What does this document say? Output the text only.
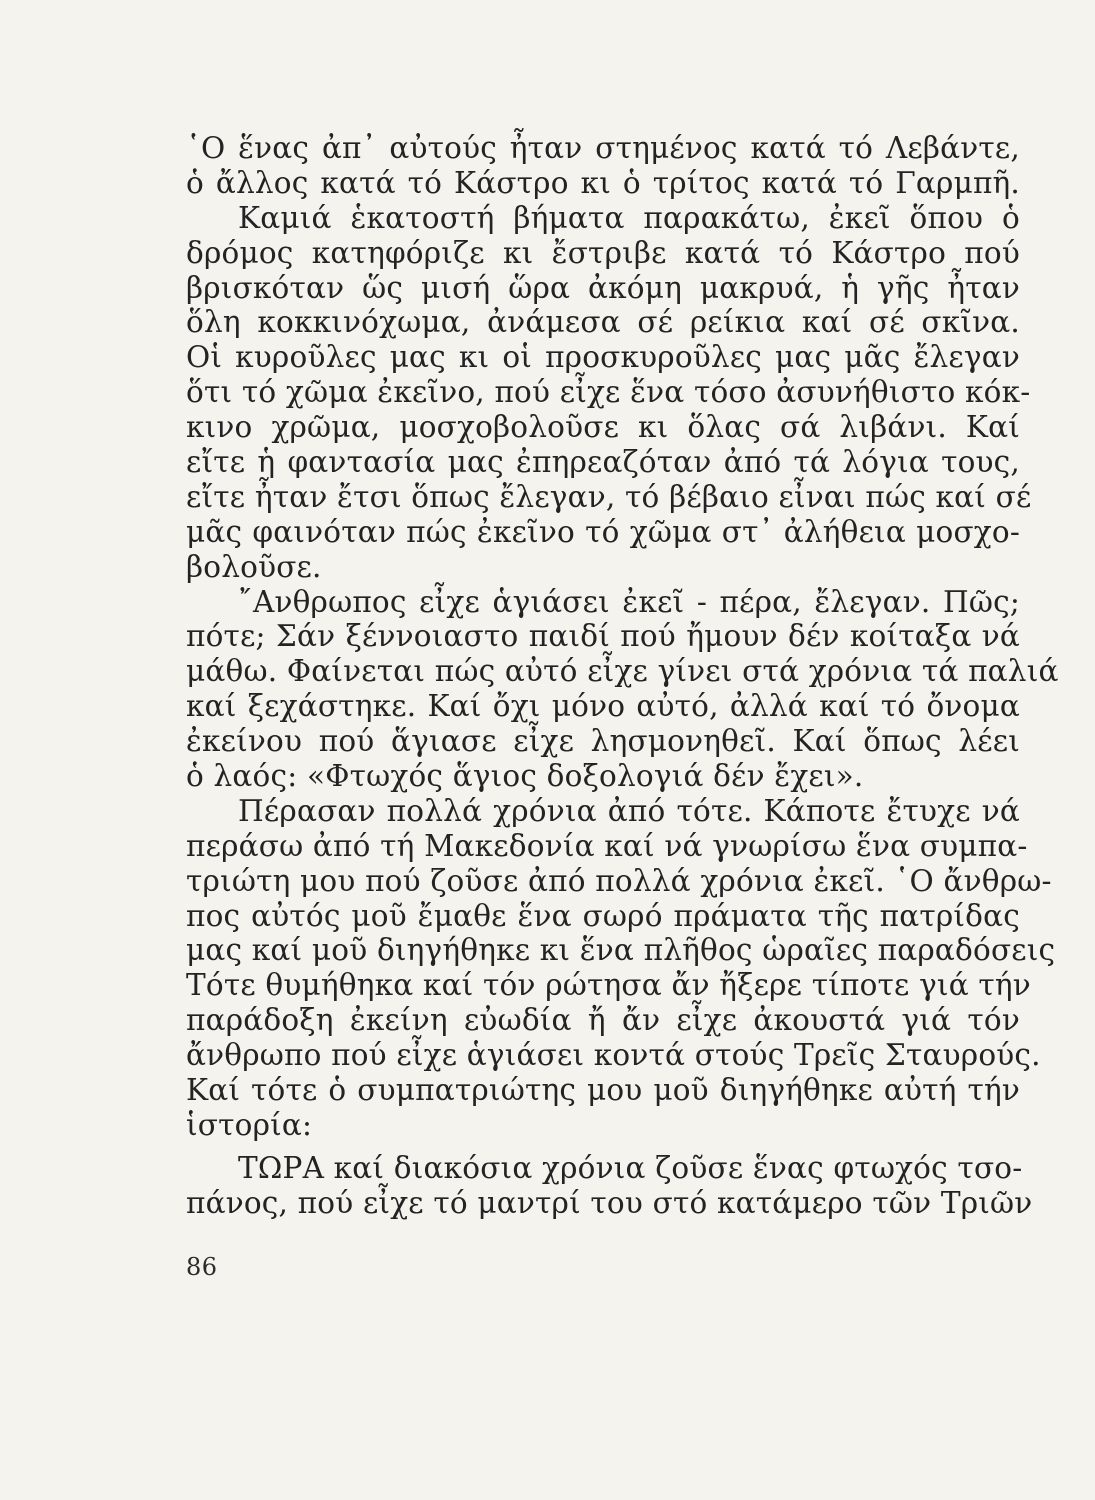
῾Ο ἕνας ἀπ᾿ αὐτούς ἦταν στημένος κατά τό Λεβάντε,
ὁ ἄλλος κατά τό Κάστρο κι ὁ τρίτος κατά τό Γαρμπῆ.
Καμιά ἑκατοστή βήματα παρακάτω, ἐκεῖ ὅπου ὁ
δρόμος κατηφόριζε κι ἔστριβε κατά τό Κάστρο πού
βρισκόταν ὥς μισή ὥρα ἀκόμη μακρυά, ἡ γῆς ἦταν
ὅλη κοκκινόχωμα, ἀνάμεσα σέ ρείκια καί σέ σκῖνα.
Οἱ κυροῦλες μας κι οἱ προσκυροῦλες μας μᾶς ἔλεγαν
ὅτι τό χῶμα ἐκεῖνο, πού εἶχε ἕνα τόσο ἀσυνήθιστο κόκ-
κινο χρῶμα, μοσχοβολοῦσε κι ὅλας σά λιβάνι. Καί
εἴτε ἡ φαντασία μας ἐπηρεαζόταν ἀπό τά λόγια τους,
εἴτε ἦταν ἔτσι ὅπως ἔλεγαν, τό βέβαιο εἶναι πώς καί σέ
μᾶς φαινόταν πώς ἐκεῖνο τό χῶμα στ᾿ ἀλήθεια μοσχο-
βολοῦσε.
῎Ανθρωπος εἶχε ἁγιάσει ἐκεῖ - πέρα, ἔλεγαν. Πῶς;
πότε; Σάν ξέννοιαστο παιδί πού ἤμουν δέν κοίταξα νά
μάθω. Φαίνεται πώς αὐτό εἶχε γίνει στά χρόνια τά παλιά
καί ξεχάστηκε. Καί ὄχι μόνο αὐτό, ἀλλά καί τό ὄνομα
ἐκείνου πού ἅγιασε εἶχε λησμονηθεῖ. Καί ὅπως λέει
ὁ λαός: «Φτωχός ἅγιος δοξολογιά δέν ἔχει».
Πέρασαν πολλά χρόνια ἀπό τότε. Κάποτε ἔτυχε νά
περάσω ἀπό τή Μακεδονία καί νά γνωρίσω ἕνα συμπα-
τριώτη μου πού ζοῦσε ἀπό πολλά χρόνια ἐκεῖ. ῾Ο ἄνθρω-
πος αὐτός μοῦ ἔμαθε ἕνα σωρό πράματα τῆς πατρίδας
μας καί μοῦ διηγήθηκε κι ἕνα πλῆθος ὡραῖες παραδόσεις
Τότε θυμήθηκα καί τόν ρώτησα ἄν ἤξερε τίποτε γιά τήν
παράδοξη ἐκείνη εὐωδία ἤ ἄν εἶχε ἀκουστά γιά τόν
ἄνθρωπο πού εἶχε ἁγιάσει κοντά στούς Τρεῖς Σταυρούς.
Καί τότε ὁ συμπατριώτης μου μοῦ διηγήθηκε αὐτή τήν
ἱστορία:
ΤΩΡΑ καί διακόσια χρόνια ζοῦσε ἕνας φτωχός τσο-
πάνος, πού εἶχε τό μαντρί του στό κατάμερο τῶν Τριῶν
86
